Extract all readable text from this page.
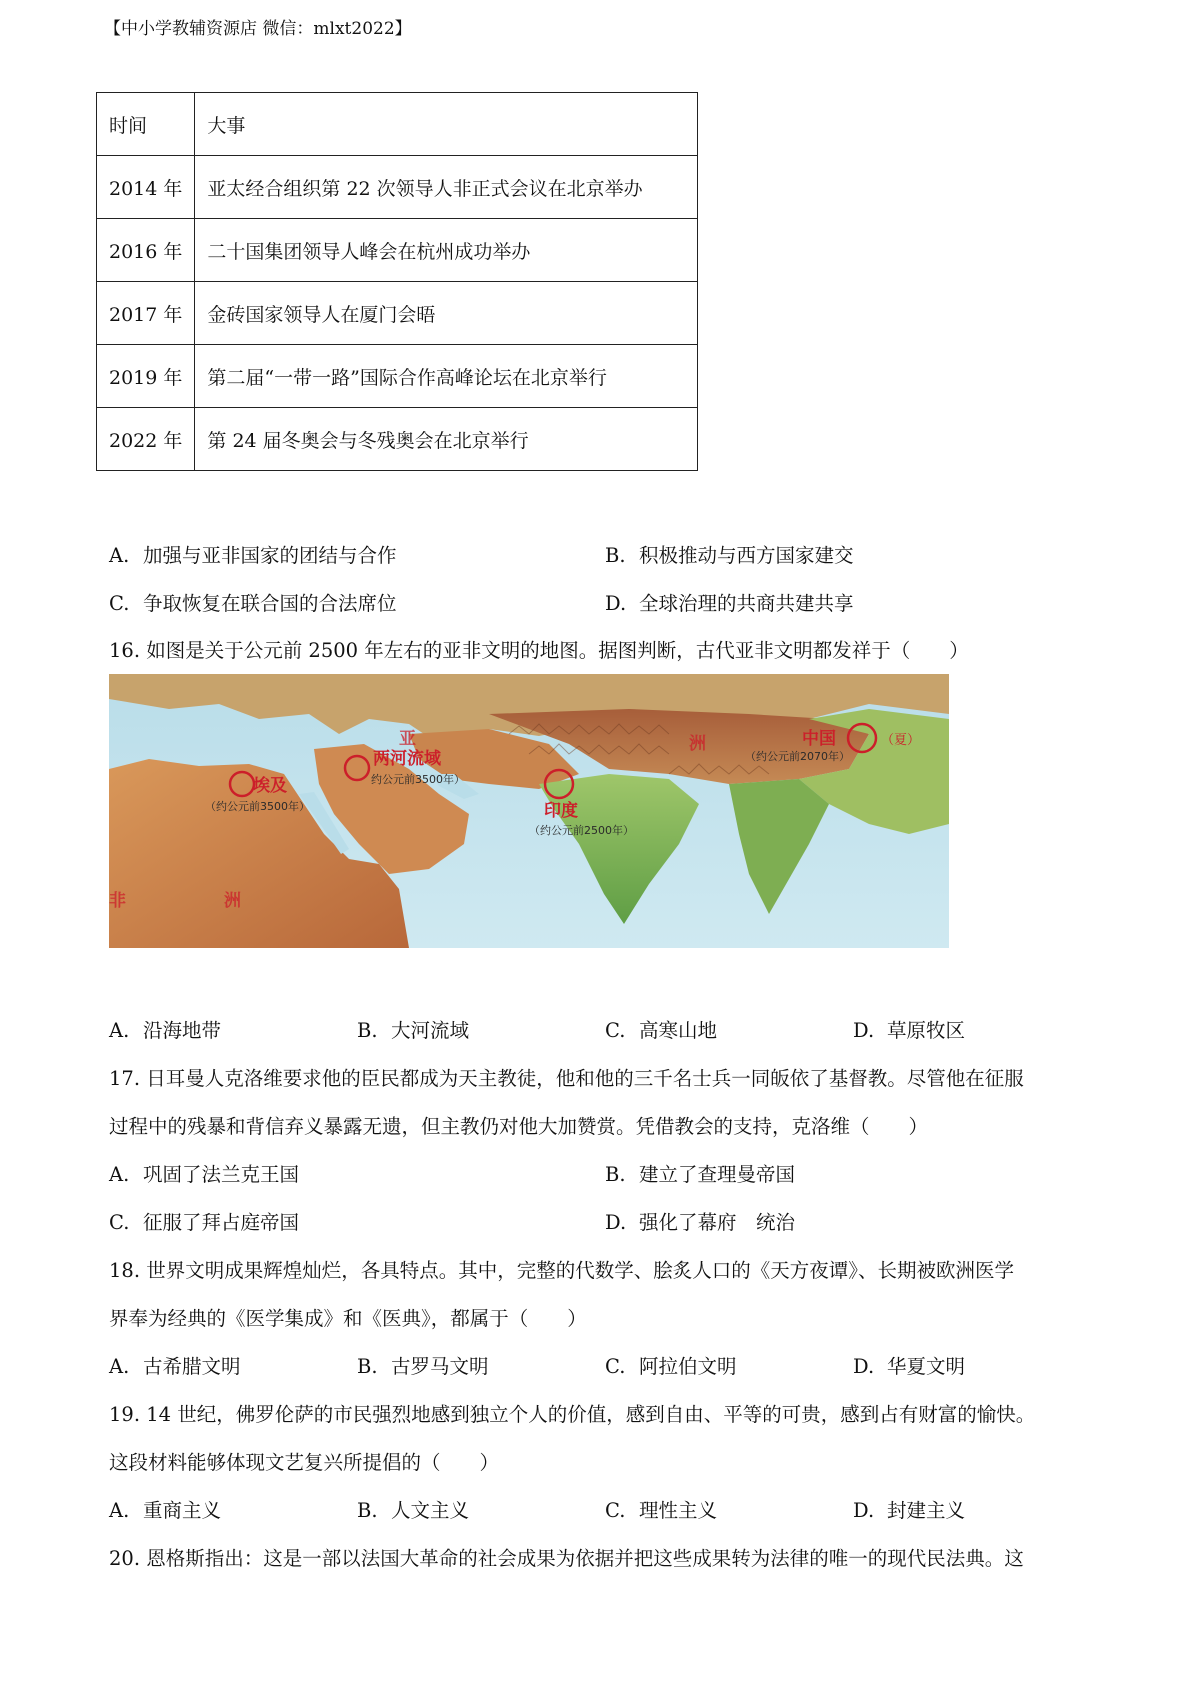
【中小学教辅资源店 微信：mlxt2022】
时间	大事
2014 年	亚太经合组织第 22 次领导人非正式会议在北京举办
2016 年	二十国集团领导人峰会在杭州成功举办
2017 年	金砖国家领导人在厦门会晤
2019 年	第二届“一带一路”国际合作高峰论坛在北京举行
2022 年	第 24 届冬奥会与冬残奥会在北京举行
A. 加强与亚非国家的团结与合作	B. 积极推动与西方国家建交
C. 争取恢复在联合国的合法席位	D. 全球治理的共商共建共享
16. 如图是关于公元前 2500 年左右的亚非文明的地图。据图判断，古代亚非文明都发祥于（　　）
埃及
两河流域
印度
中国	（夏）
亚	洲
非	洲
（约公元前3500年）
约公元前3500年）
（约公元前2500年）
（约公元前2070年）
A. 沿海地带	B. 大河流域	C. 高寒山地	D. 草原牧区
17. 日耳曼人克洛维要求他的臣民都成为天主教徒，他和他的三千名士兵一同皈依了基督教。尽管他在征服
过程中的残暴和背信弃义暴露无遗，但主教仍对他大加赞赏。凭借教会的支持，克洛维（　　）
A. 巩固了法兰克王国	B. 建立了查理曼帝国
C. 征服了拜占庭帝国	D. 强化了幕府　统治
18. 世界文明成果辉煌灿烂，各具特点。其中，完整的代数学、脍炙人口的《天方夜谭》、长期被欧洲医学
界奉为经典的《医学集成》和《医典》，都属于（　　）
A. 古希腊文明	B. 古罗马文明	C. 阿拉伯文明	D. 华夏文明
19. 14 世纪，佛罗伦萨的市民强烈地感到独立个人的价值，感到自由、平等的可贵，感到占有财富的愉快。
这段材料能够体现文艺复兴所提倡的（　　）
A. 重商主义	B. 人文主义	C. 理性主义	D. 封建主义
20. 恩格斯指出：这是一部以法国大革命的社会成果为依据并把这些成果转为法律的唯一的现代民法典。这
